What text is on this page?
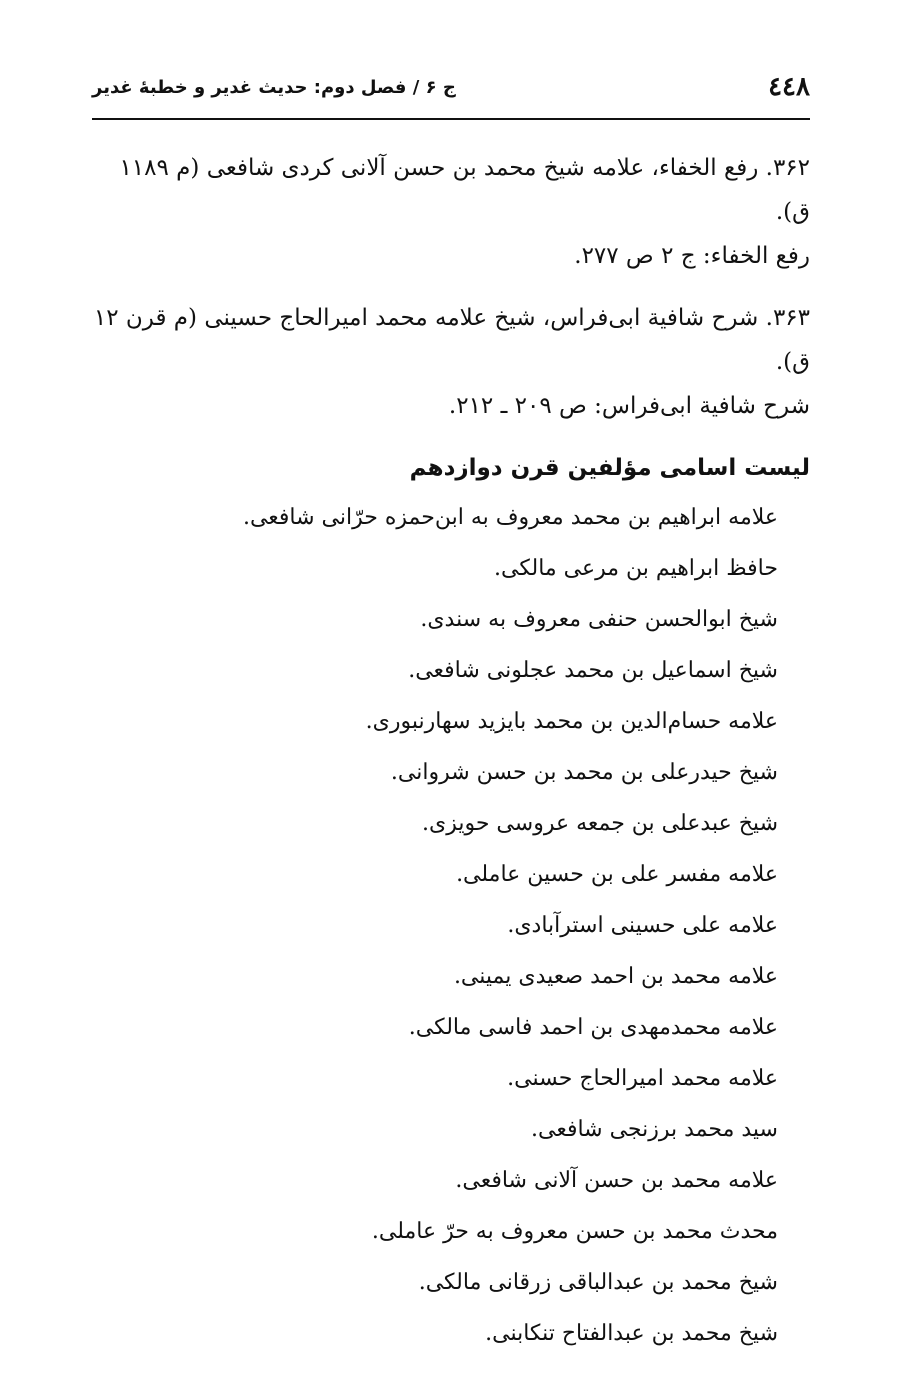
٤٤٨
ج ۶ / فصل دوم: حدیث غدیر و خطبهٔ غدیر

۳۶۲. رفع الخفاء، علامه شیخ محمد بن حسن آلانی کردی شافعی (م ۱۱۸۹ ق).

رفع الخفاء: ج ۲ ص ۲۷۷.

۳۶۳. شرح شافیة ابی‌فراس، شیخ علامه محمد امیرالحاج حسینی (م قرن ۱۲ ق).

شرح شافیة ابی‌فراس: ص ۲۰۹ ـ ۲۱۲.

لیست اسامی مؤلفین قرن دوازدهم
علامه ابراهیم بن محمد معروف به ابن‌حمزه حرّانی شافعی.
حافظ ابراهیم بن مرعی مالکی.
شیخ ابوالحسن حنفی معروف به سندی.
شیخ اسماعیل بن محمد عجلونی شافعی.
علامه حسام‌الدین بن محمد بایزید سهارنبوری.
شیخ حیدرعلی بن محمد بن حسن شروانی.
شیخ عبدعلی بن جمعه عروسی حویزی.
علامه مفسر علی بن حسین عاملی.
علامه علی حسینی استرآبادی.
علامه محمد بن احمد صعیدی یمینی.
علامه محمدمهدی بن احمد فاسی مالکی.
علامه محمد امیرالحاج حسنی.
سید محمد برزنجی شافعی.
علامه محمد بن حسن آلانی شافعی.
محدث محمد بن حسن معروف به حرّ عاملی.
شیخ محمد بن عبدالباقی زرقانی مالکی.
شیخ محمد بن عبدالفتاح تنکابنی.
